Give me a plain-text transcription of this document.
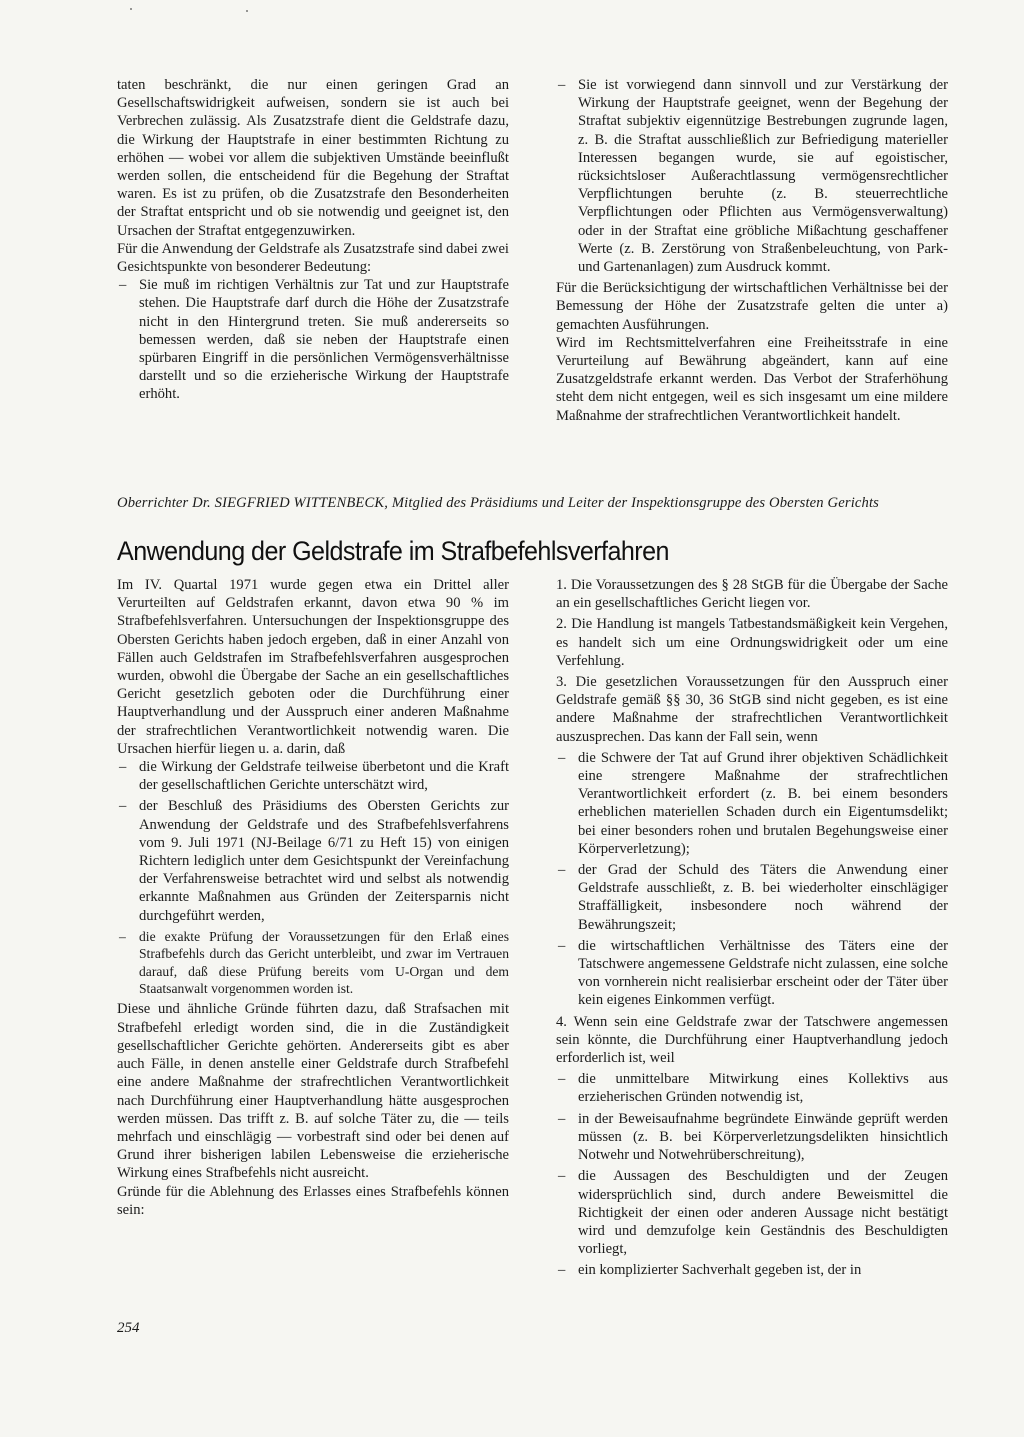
taten beschränkt, die nur einen geringen Grad an Gesellschaftswidrigkeit aufweisen, sondern sie ist auch bei Verbrechen zulässig. Als Zusatzstrafe dient die Geldstrafe dazu, die Wirkung der Hauptstrafe in einer bestimmten Richtung zu erhöhen — wobei vor allem die subjektiven Umstände beeinflußt werden sollen, die entscheidend für die Begehung der Straftat waren. Es ist zu prüfen, ob die Zusatzstrafe den Besonderheiten der Straftat entspricht und ob sie notwendig und geeignet ist, den Ursachen der Straftat entgegenzuwirken.
Für die Anwendung der Geldstrafe als Zusatzstrafe sind dabei zwei Gesichtspunkte von besonderer Bedeutung:
– Sie muß im richtigen Verhältnis zur Tat und zur Hauptstrafe stehen. Die Hauptstrafe darf durch die Höhe der Zusatzstrafe nicht in den Hintergrund treten. Sie muß andererseits so bemessen werden, daß sie neben der Hauptstrafe einen spürbaren Eingriff in die persönlichen Vermögensverhältnisse darstellt und so die erzieherische Wirkung der Hauptstrafe erhöht.
– Sie ist vorwiegend dann sinnvoll und zur Verstärkung der Wirkung der Hauptstrafe geeignet, wenn der Begehung der Straftat subjektiv eigennützige Bestrebungen zugrunde lagen, z. B. die Straftat ausschließlich zur Befriedigung materieller Interessen begangen wurde, sie auf egoistischer, rücksichtsloser Außerachtlassung vermögensrechtlicher Verpflichtungen beruhte (z. B. steuerrechtliche Verpflichtungen oder Pflichten aus Vermögensverwaltung) oder in der Straftat eine gröbliche Mißachtung geschaffener Werte (z. B. Zerstörung von Straßenbeleuchtung, von Park- und Gartenanlagen) zum Ausdruck kommt.
Für die Berücksichtigung der wirtschaftlichen Verhältnisse bei der Bemessung der Höhe der Zusatzstrafe gelten die unter a) gemachten Ausführungen.
Wird im Rechtsmittelverfahren eine Freiheitsstrafe in eine Verurteilung auf Bewährung abgeändert, kann auf eine Zusatzgeldstrafe erkannt werden. Das Verbot der Straferhöhung steht dem nicht entgegen, weil es sich insgesamt um eine mildere Maßnahme der strafrechtlichen Verantwortlichkeit handelt.
Oberrichter Dr. SIEGFRIED WITTENBECK, Mitglied des Präsidiums und Leiter der Inspektionsgruppe des Obersten Gerichts
Anwendung der Geldstrafe im Strafbefehlsverfahren
Im IV. Quartal 1971 wurde gegen etwa ein Drittel aller Verurteilten auf Geldstrafen erkannt, davon etwa 90 % im Strafbefehlsverfahren. Untersuchungen der Inspektionsgruppe des Obersten Gerichts haben jedoch ergeben, daß in einer Anzahl von Fällen auch Geldstrafen im Strafbefehlsverfahren ausgesprochen wurden, obwohl die Übergabe der Sache an ein gesellschaftliches Gericht gesetzlich geboten oder die Durchführung einer Hauptverhandlung und der Ausspruch einer anderen Maßnahme der strafrechtlichen Verantwortlichkeit notwendig waren. Die Ursachen hierfür liegen u. a. darin, daß
– die Wirkung der Geldstrafe teilweise überbetont und die Kraft der gesellschaftlichen Gerichte unterschätzt wird,
– der Beschluß des Präsidiums des Obersten Gerichts zur Anwendung der Geldstrafe und des Strafbefehlsverfahrens vom 9. Juli 1971 (NJ-Beilage 6/71 zu Heft 15) von einigen Richtern lediglich unter dem Gesichtspunkt der Vereinfachung der Verfahrensweise betrachtet wird und selbst als notwendig erkannte Maßnahmen aus Gründen der Zeitersparnis nicht durchgeführt werden,
– die exakte Prüfung der Voraussetzungen für den Erlaß eines Strafbefehls durch das Gericht unterbleibt, und zwar im Vertrauen darauf, daß diese Prüfung bereits vom U-Organ und dem Staatsanwalt vorgenommen worden ist.
Diese und ähnliche Gründe führten dazu, daß Strafsachen mit Strafbefehl erledigt worden sind, die in die Zuständigkeit gesellschaftlicher Gerichte gehörten. Andererseits gibt es aber auch Fälle, in denen anstelle einer Geldstrafe durch Strafbefehl eine andere Maßnahme der strafrechtlichen Verantwortlichkeit nach Durchführung einer Hauptverhandlung hätte ausgesprochen werden müssen. Das trifft z. B. auf solche Täter zu, die — teils mehrfach und einschlägig — vorbestraft sind oder bei denen auf Grund ihrer bisherigen labilen Lebensweise die erzieherische Wirkung eines Strafbefehls nicht ausreicht.
Gründe für die Ablehnung des Erlasses eines Strafbefehls können sein:
1. Die Voraussetzungen des § 28 StGB für die Übergabe der Sache an ein gesellschaftliches Gericht liegen vor.
2. Die Handlung ist mangels Tatbestandsmäßigkeit kein Vergehen, es handelt sich um eine Ordnungswidrigkeit oder um eine Verfehlung.
3. Die gesetzlichen Voraussetzungen für den Ausspruch einer Geldstrafe gemäß §§ 30, 36 StGB sind nicht gegeben, es ist eine andere Maßnahme der strafrechtlichen Verantwortlichkeit auszusprechen. Das kann der Fall sein, wenn
– die Schwere der Tat auf Grund ihrer objektiven Schädlichkeit eine strengere Maßnahme der strafrechtlichen Verantwortlichkeit erfordert (z. B. bei einem besonders erheblichen materiellen Schaden durch ein Eigentumsdelikt; bei einer besonders rohen und brutalen Begehungsweise einer Körperverletzung);
– der Grad der Schuld des Täters die Anwendung einer Geldstrafe ausschließt, z. B. bei wiederholter einschlägiger Straffälligkeit, insbesondere noch während der Bewährungszeit;
– die wirtschaftlichen Verhältnisse des Täters eine der Tatschwere angemessene Geldstrafe nicht zulassen, eine solche von vornherein nicht realisierbar erscheint oder der Täter über kein eigenes Einkommen verfügt.
4. Wenn sein eine Geldstrafe zwar der Tatschwere angemessen sein könnte, die Durchführung einer Hauptverhandlung jedoch erforderlich ist, weil
– die unmittelbare Mitwirkung eines Kollektivs aus erzieherischen Gründen notwendig ist,
– in der Beweisaufnahme begründete Einwände geprüft werden müssen (z. B. bei Körperverletzungsdelikten hinsichtlich Notwehr und Notwehrüberschreitung),
– die Aussagen des Beschuldigten und der Zeugen widersprüchlich sind, durch andere Beweismittel die Richtigkeit der einen oder anderen Aussage nicht bestätigt wird und demzufolge kein Geständnis des Beschuldigten vorliegt,
– ein komplizierter Sachverhalt gegeben ist, der in
254
